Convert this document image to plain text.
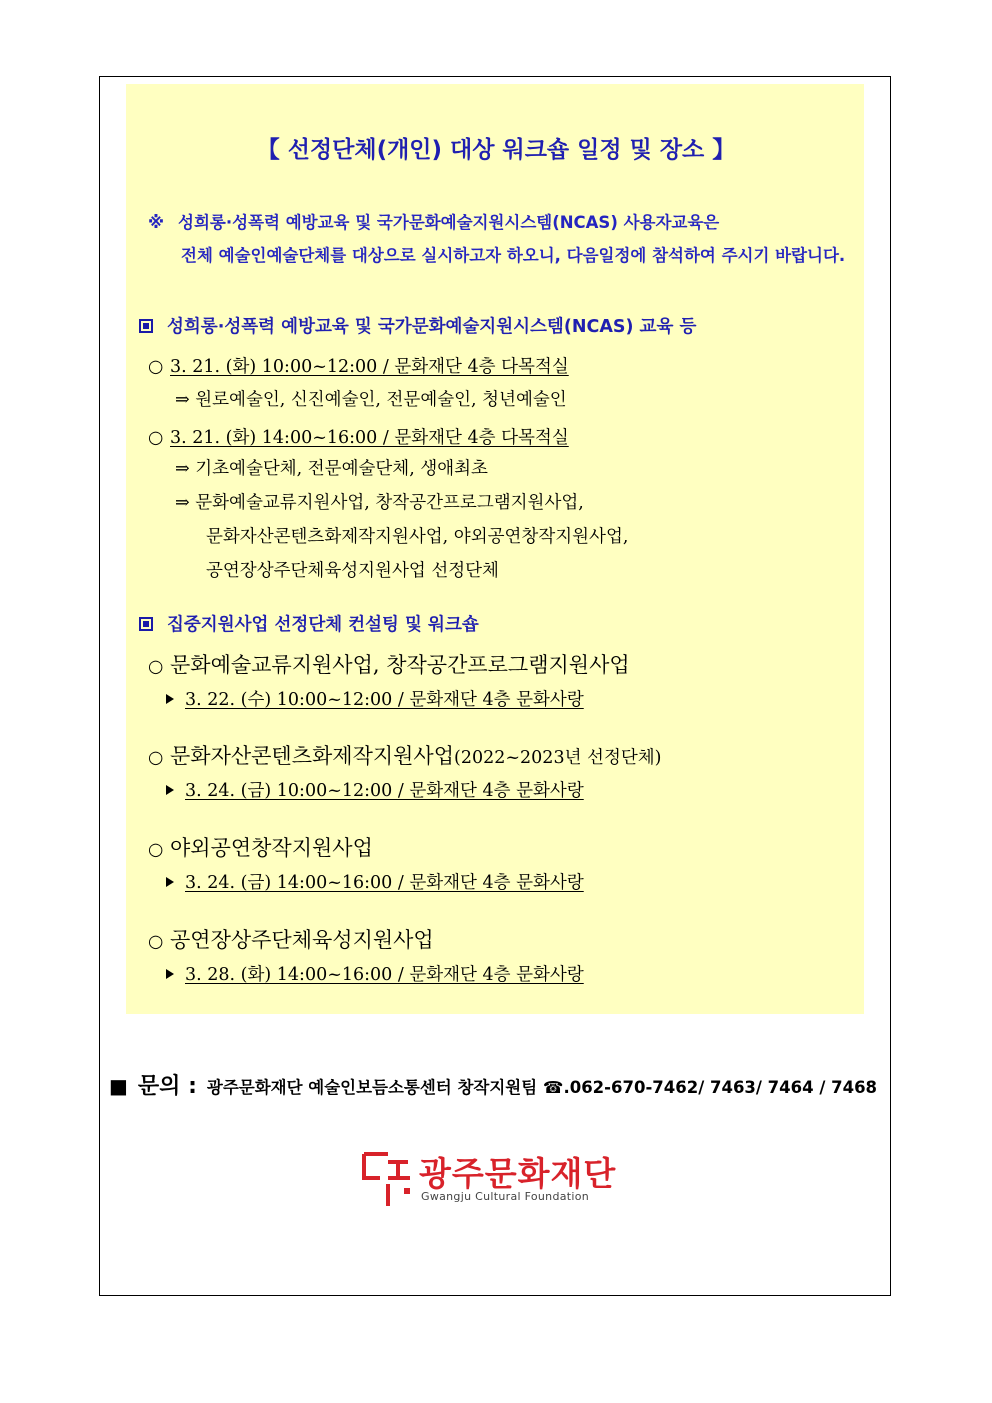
【 선정단체(개인) 대상 워크숍 일정 및 장소 】
※ 성희롱·성폭력 예방교육 및 국가문화예술지원시스템(NCAS) 사용자교육은
전체 예술인예술단체를 대상으로 실시하고자 하오니, 다음일정에 참석하여 주시기 바랍니다.
성희롱·성폭력 예방교육 및 국가문화예술지원시스템(NCAS) 교육 등
○ 3. 21. (화) 10:00~12:00 / 문화재단 4층 다목적실
⇒ 원로예술인, 신진예술인, 전문예술인, 청년예술인
○ 3. 21. (화) 14:00~16:00 / 문화재단 4층 다목적실
⇒ 기초예술단체, 전문예술단체, 생애최초
⇒ 문화예술교류지원사업, 창작공간프로그램지원사업,
문화자산콘텐츠화제작지원사업, 야외공연창작지원사업,
공연장상주단체육성지원사업 선정단체
집중지원사업 선정단체 컨설팅 및 워크숍
○ 문화예술교류지원사업, 창작공간프로그램지원사업
3. 22. (수) 10:00~12:00 / 문화재단 4층 문화사랑
○ 문화자산콘텐츠화제작지원사업(2022~2023년 선정단체)
3. 24. (금) 10:00~12:00 / 문화재단 4층 문화사랑
○ 야외공연창작지원사업
3. 24. (금) 14:00~16:00 / 문화재단 4층 문화사랑
○ 공연장상주단체육성지원사업
3. 28. (화) 14:00~16:00 / 문화재단 4층 문화사랑
■ 문의 : 광주문화재단 예술인보듬소통센터 창작지원팀 ☎.062-670-7462/ 7463/ 7464 / 7468
광주문화재단
Gwangju Cultural Foundation
